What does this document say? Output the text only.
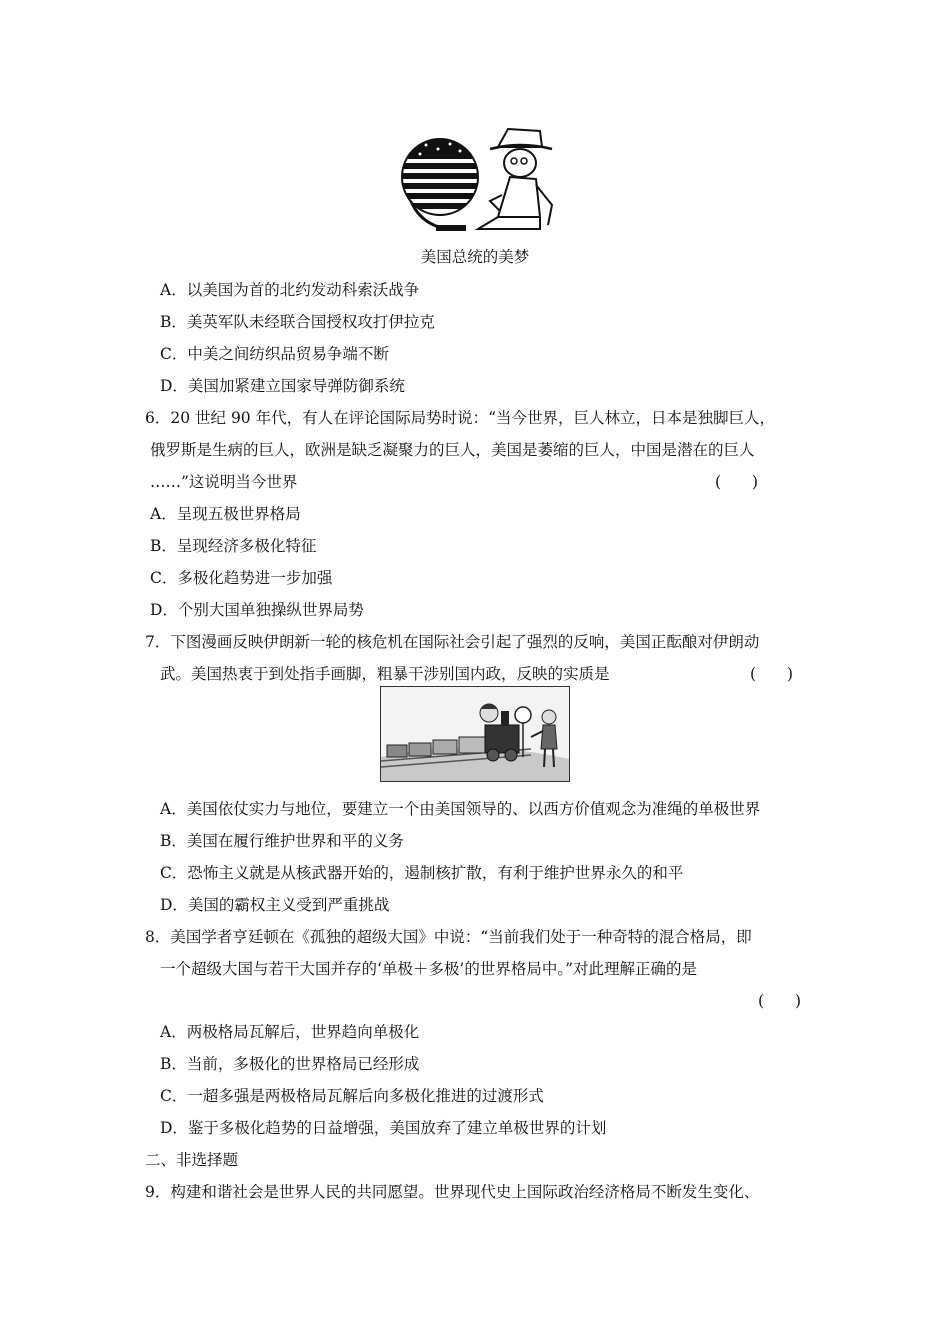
美国总统的美梦
A．以美国为首的北约发动科索沃战争
B．美英军队未经联合国授权攻打伊拉克
C．中美之间纺织品贸易争端不断
D．美国加紧建立国家导弹防御系统
6．20 世纪 90 年代，有人在评论国际局势时说：“当今世界，巨人林立，日本是独脚巨人，
俄罗斯是生病的巨人，欧洲是缺乏凝聚力的巨人，美国是萎缩的巨人，中国是潜在的巨人
……”这说明当今世界	(　　)
A．呈现五极世界格局
B．呈现经济多极化特征
C．多极化趋势进一步加强
D．个别大国单独操纵世界局势
7．下图漫画反映伊朗新一轮的核危机在国际社会引起了强烈的反响，美国正酝酿对伊朗动
武。美国热衷于到处指手画脚，粗暴干涉别国内政，反映的实质是	(　　)
A．美国依仗实力与地位，要建立一个由美国领导的、以西方价值观念为准绳的单极世界
B．美国在履行维护世界和平的义务
C．恐怖主义就是从核武器开始的，遏制核扩散，有利于维护世界永久的和平
D．美国的霸权主义受到严重挑战
8．美国学者亨廷顿在《孤独的超级大国》中说：“当前我们处于一种奇特的混合格局，即
一个超级大国与若干大国并存的‘单极＋多极’的世界格局中。”对此理解正确的是
(　　)
A．两极格局瓦解后，世界趋向单极化
B．当前，多极化的世界格局已经形成
C．一超多强是两极格局瓦解后向多极化推进的过渡形式
D．鉴于多极化趋势的日益增强，美国放弃了建立单极世界的计划
二、非选择题
9．构建和谐社会是世界人民的共同愿望。世界现代史上国际政治经济格局不断发生变化、
